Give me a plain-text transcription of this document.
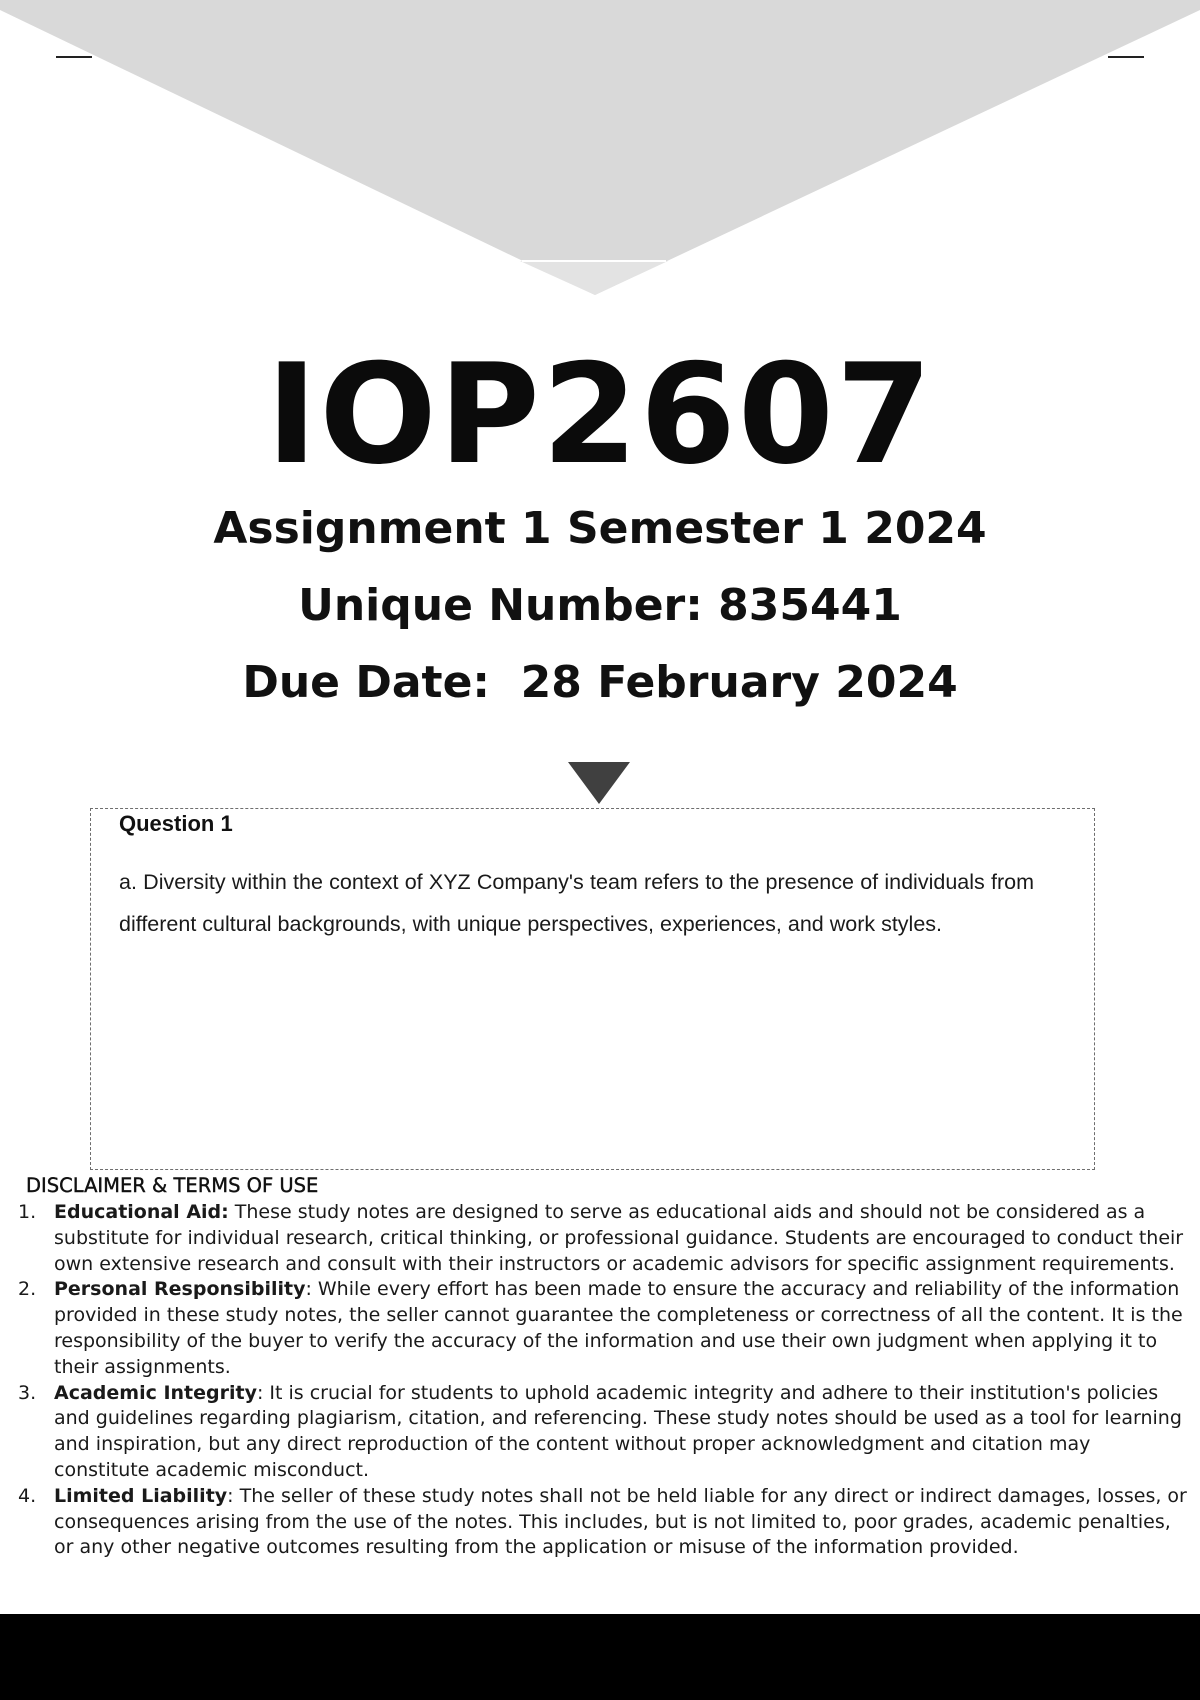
IOP2607

Assignment 1 Semester 1 2024

Unique Number: 835441

Due Date:  28 February 2024

Question 1

a. Diversity within the context of XYZ Company's team refers to the presence of individuals from different cultural backgrounds, with unique perspectives, experiences, and work styles.

DISCLAIMER & TERMS OF USE

1. Educational Aid: These study notes are designed to serve as educational aids and should not be considered as a substitute for individual research, critical thinking, or professional guidance. Students are encouraged to conduct their own extensive research and consult with their instructors or academic advisors for specific assignment requirements.
2. Personal Responsibility: While every effort has been made to ensure the accuracy and reliability of the information provided in these study notes, the seller cannot guarantee the completeness or correctness of all the content. It is the responsibility of the buyer to verify the accuracy of the information and use their own judgment when applying it to their assignments.
3. Academic Integrity: It is crucial for students to uphold academic integrity and adhere to their institution's policies and guidelines regarding plagiarism, citation, and referencing. These study notes should be used as a tool for learning and inspiration, but any direct reproduction of the content without proper acknowledgment and citation may constitute academic misconduct.
4. Limited Liability: The seller of these study notes shall not be held liable for any direct or indirect damages, losses, or consequences arising from the use of the notes. This includes, but is not limited to, poor grades, academic penalties, or any other negative outcomes resulting from the application or misuse of the information provided.
